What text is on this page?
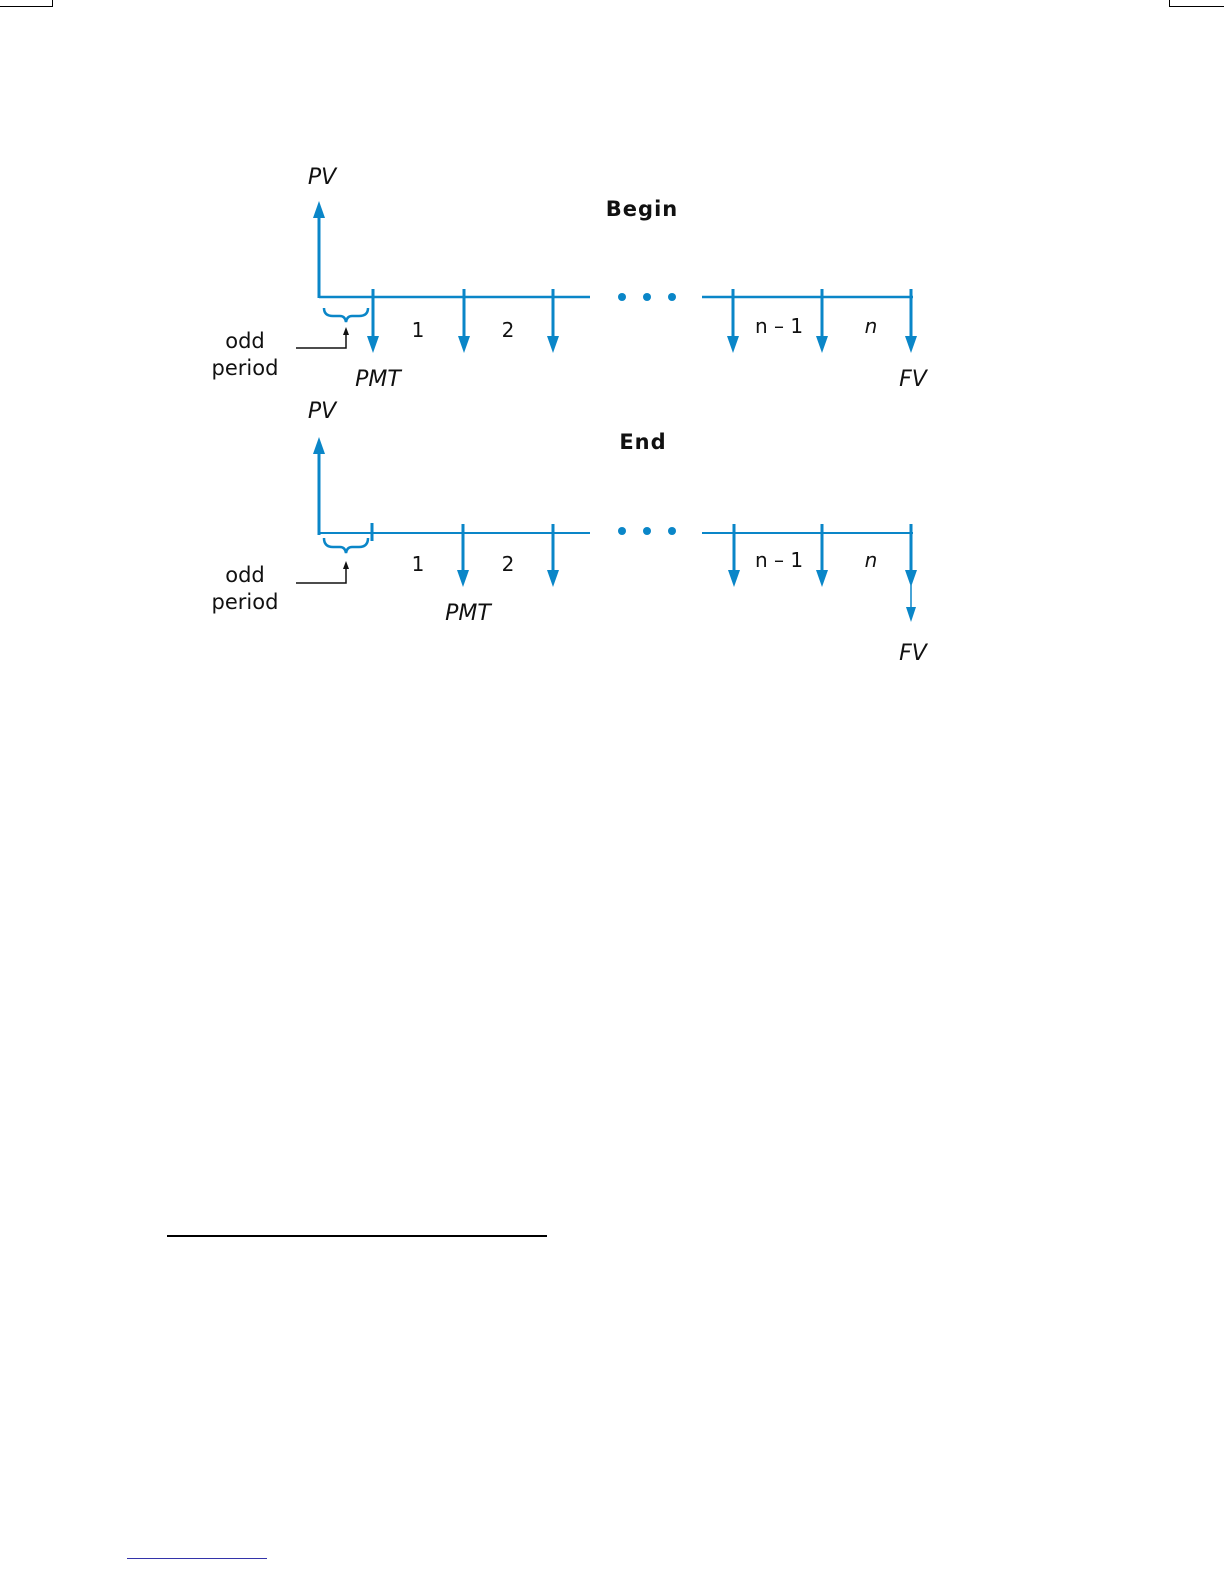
Begin
PV
1	2	n – 1	n
odd
period	PMT	FV
PV
End
1	2	n – 1	n
odd
period	PMT
FV
